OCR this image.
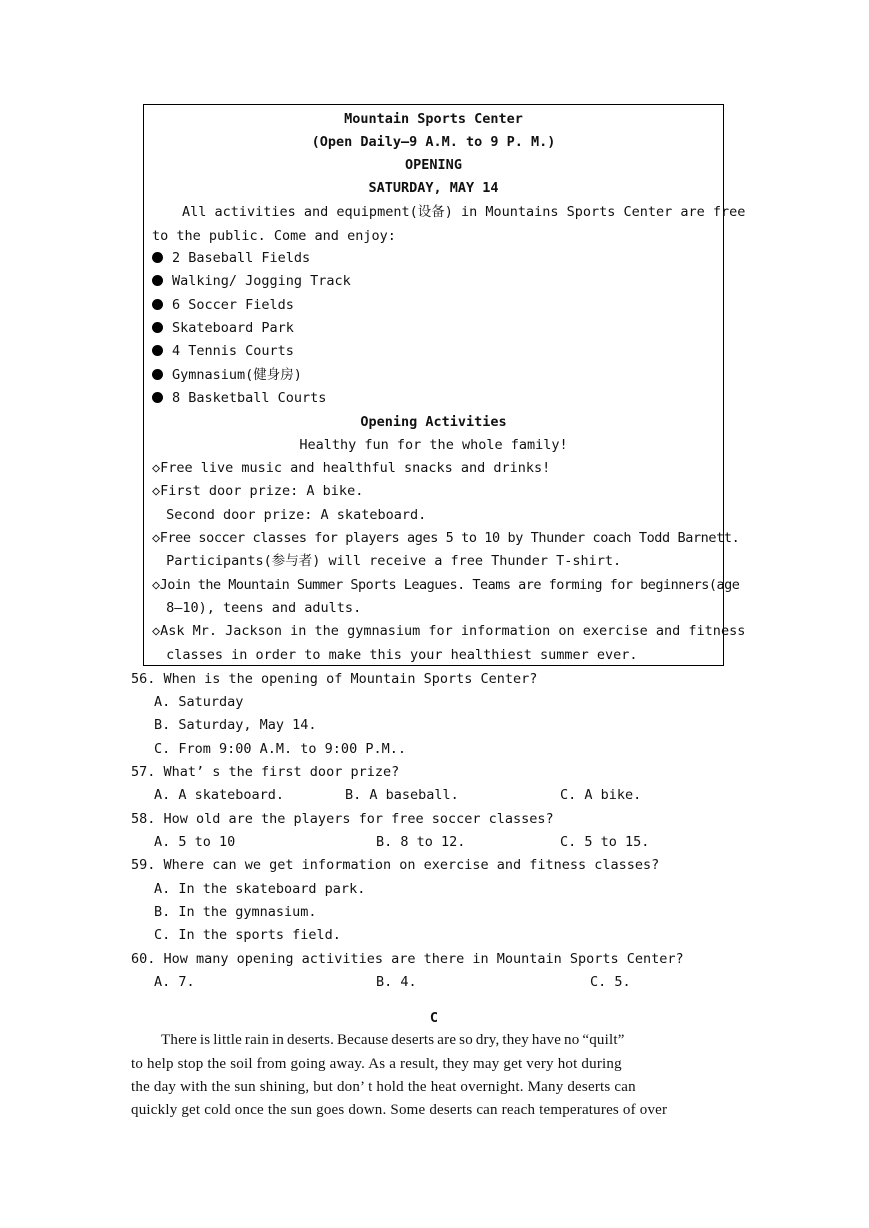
Mountain Sports Center
(Open Daily—9 A.M. to 9 P. M.)
OPENING
SATURDAY, MAY 14
All activities and equipment(设备) in Mountains Sports Center are free
to the public. Come and enjoy:
2 Baseball Fields
Walking/ Jogging Track
6 Soccer Fields
Skateboard Park
4 Tennis Courts
Gymnasium(健身房)
8 Basketball Courts
Opening Activities
Healthy fun for the whole family!
◇Free live music and healthful snacks and drinks!
◇First door prize: A bike.
Second door prize: A skateboard.
◇Free soccer classes for players ages 5 to 10 by Thunder coach Todd Barnett.
Participants(参与者) will receive a free Thunder T-shirt.
◇Join the Mountain Summer Sports Leagues. Teams are forming for beginners(age
8—10), teens and adults.
◇Ask Mr. Jackson in the gymnasium for information on exercise and fitness
classes in order to make this your healthiest summer ever.
56. When is the opening of Mountain Sports Center?
A. Saturday
B. Saturday, May 14.
C. From 9:00 A.M. to 9:00 P.M..
57. What’ s the first door prize?
A. A skateboard.	B. A baseball.	C. A bike.
58. How old are the players for free soccer classes?
A. 5 to 10	B. 8 to 12.	C. 5 to 15.
59. Where can we get information on exercise and fitness classes?
A. In the skateboard park.
B. In the gymnasium.
C. In the sports field.
60. How many opening activities are there in Mountain Sports Center?
A. 7.	B. 4.	C. 5.
C
There is little rain in deserts. Because deserts are so dry, they have no “quilt”
to help stop the soil from going away. As a result, they may get very hot during
the day with the sun shining, but don’ t hold the heat overnight. Many deserts can
quickly get cold once the sun goes down. Some deserts can reach temperatures of over
